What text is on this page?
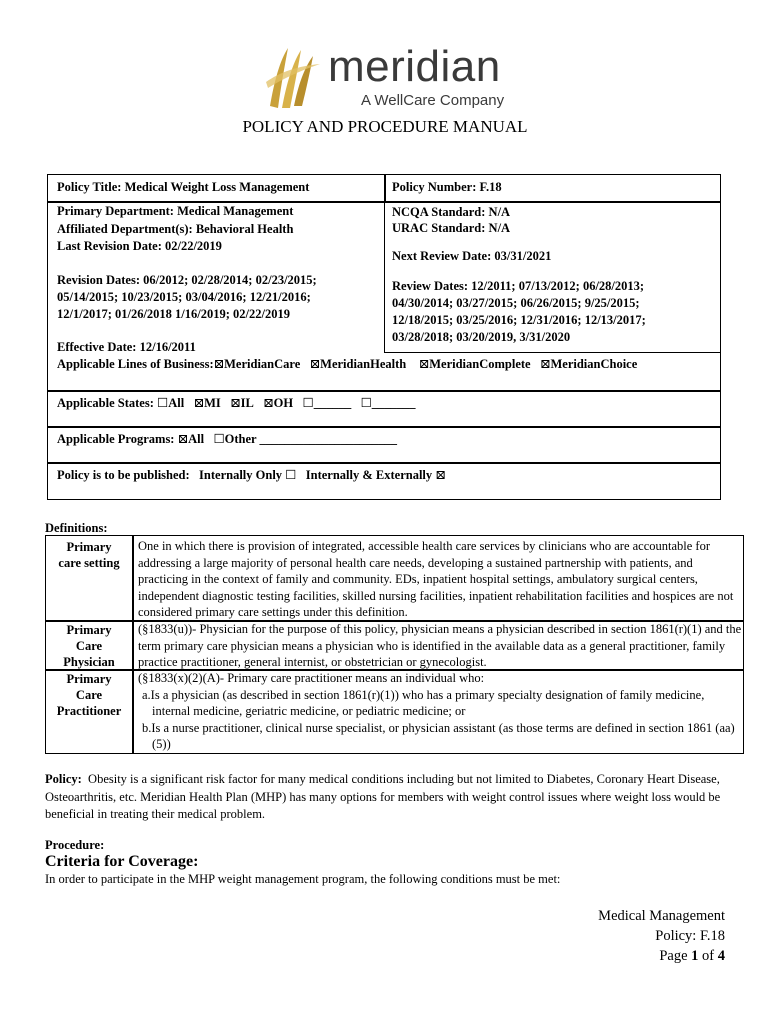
meridian
A WellCare Company
POLICY AND PROCEDURE MANUAL
Policy Title: Medical Weight Loss Management	Policy Number: F.18
Primary Department: Medical Management
Affiliated Department(s): Behavioral Health
Last Revision Date: 02/22/2019
NCQA Standard: N/A
URAC Standard: N/A
Next Review Date: 03/31/2021
Revision Dates: 06/2012; 02/28/2014; 02/23/2015;
05/14/2015; 10/23/2015; 03/04/2016; 12/21/2016;
12/1/2017; 01/26/2018 1/16/2019; 02/22/2019
Review Dates: 12/2011; 07/13/2012; 06/28/2013;
04/30/2014; 03/27/2015; 06/26/2015; 9/25/2015;
12/18/2015; 03/25/2016; 12/31/2016; 12/13/2017;
03/28/2018; 03/20/2019, 3/31/2020
Effective Date: 12/16/2011
Applicable Lines of Business:⊠MeridianCare ⊠MeridianHealth ⊠MeridianComplete ⊠MeridianChoice
Applicable States: ☐All ⊠MI ⊠IL ⊠OH ☐______ ☐_______
Applicable Programs: ⊠All ☐Other ______________________
Policy is to be published: Internally Only ☐ Internally & Externally ⊠
Definitions:
Primary
care setting
One in which there is provision of integrated, accessible health care services by clinicians who are accountable for addressing a large majority of personal health care needs, developing a sustained partnership with patients, and practicing in the context of family and community. EDs, inpatient hospital settings, ambulatory surgical centers, independent diagnostic testing facilities, skilled nursing facilities, inpatient rehabilitation facilities and hospices are not considered primary care settings under this definition.
Primary
Care
Physician
(§1833(u))- Physician for the purpose of this policy, physician means a physician described in section 1861(r)(1) and the term primary care physician means a physician who is identified in the available data as a general practitioner, family practice practitioner, general internist, or obstetrician or gynecologist.
Primary
Care
Practitioner

(§1833(x)(2)(A)- Primary care practitioner means an individual who:

a.Is a physician (as described in section 1861(r)(1)) who has a primary specialty designation of family medicine, internal medicine, geriatric medicine, or pediatric medicine; or

b.Is a nurse practitioner, clinical nurse specialist, or physician assistant (as those terms are defined in section 1861 (aa)(5))

Policy: Obesity is a significant risk factor for many medical conditions including but not limited to Diabetes, Coronary Heart Disease, Osteoarthritis, etc. Meridian Health Plan (MHP) has many options for members with weight control issues where weight loss would be beneficial in treating their medical problem.
Procedure:
Criteria for Coverage:
In order to participate in the MHP weight management program, the following conditions must be met:
Medical Management
Policy: F.18
Page 1 of 4
